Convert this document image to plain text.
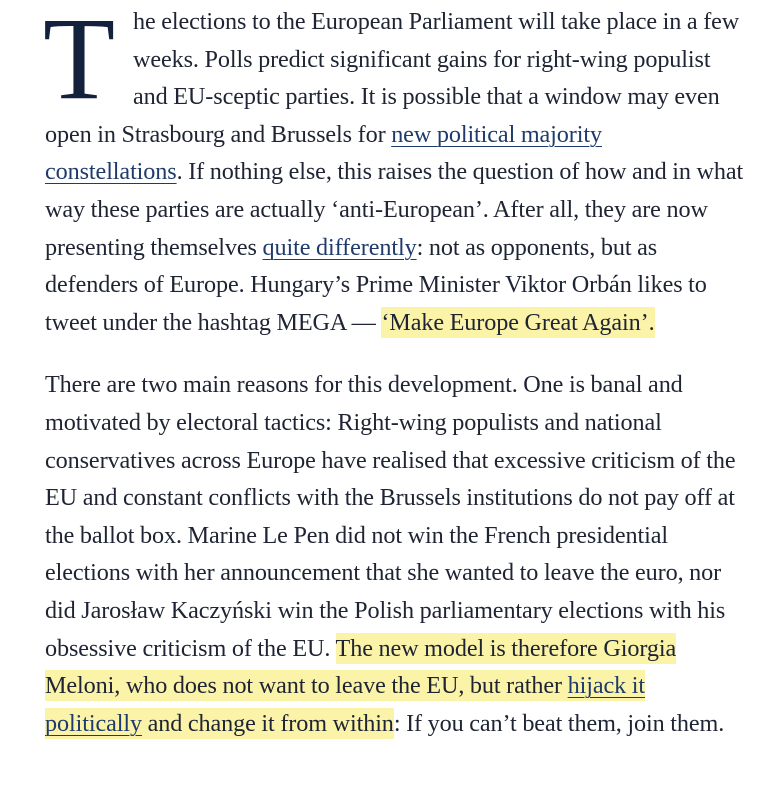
The elections to the European Parliament will take place in a few weeks. Polls predict significant gains for right-wing populist and EU-sceptic parties. It is possible that a window may even open in Strasbourg and Brussels for new political majority constellations. If nothing else, this raises the question of how and in what way these parties are actually ‘anti-European’. After all, they are now presenting themselves quite differently: not as opponents, but as defenders of Europe. Hungary’s Prime Minister Viktor Orbán likes to tweet under the hashtag MEGA — ‘Make Europe Great Again’.

There are two main reasons for this development. One is banal and motivated by electoral tactics: Right-wing populists and national conservatives across Europe have realised that excessive criticism of the EU and constant conflicts with the Brussels institutions do not pay off at the ballot box. Marine Le Pen did not win the French presidential elections with her announcement that she wanted to leave the euro, nor did Jarosław Kaczyński win the Polish parliamentary elections with his obsessive criticism of the EU. The new model is therefore Giorgia Meloni, who does not want to leave the EU, but rather hijack it politically and change it from within: If you can’t beat them, join them.
